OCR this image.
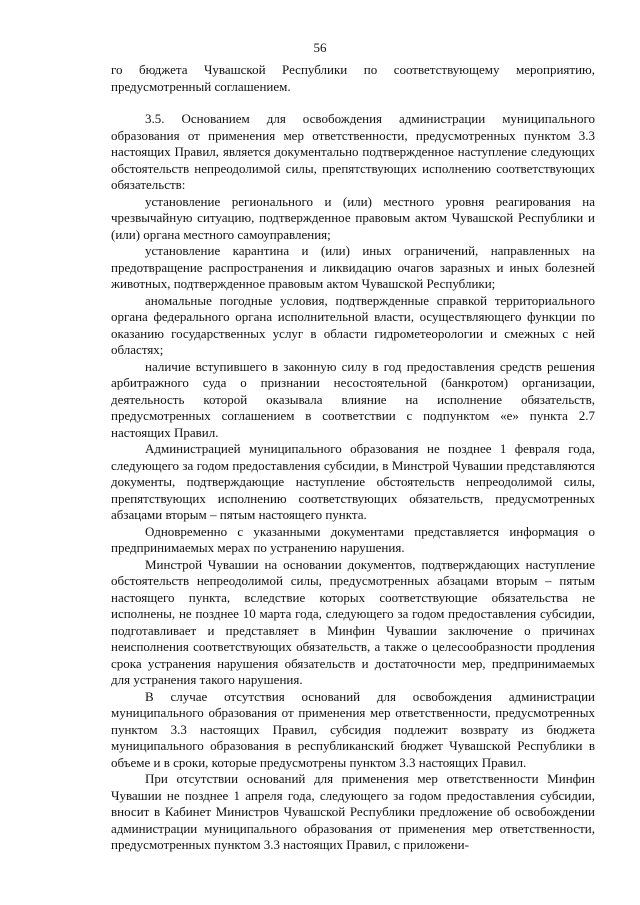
56

го бюджета Чувашской Республики по соответствующему мероприятию, предусмотренный соглашением.

3.5. Основанием для освобождения администрации муниципального образования от применения мер ответственности, предусмотренных пунктом 3.3 настоящих Правил, является документально подтвержденное наступление следующих обстоятельств непреодолимой силы, препятствующих исполнению соответствующих обязательств:

установление регионального и (или) местного уровня реагирования на чрезвычайную ситуацию, подтвержденное правовым актом Чувашской Республики и (или) органа местного самоуправления;

установление карантина и (или) иных ограничений, направленных на предотвращение распространения и ликвидацию очагов заразных и иных болезней животных, подтвержденное правовым актом Чувашской Республики;

аномальные погодные условия, подтвержденные справкой территориального органа федерального органа исполнительной власти, осуществляющего функции по оказанию государственных услуг в области гидрометеорологии и смежных с ней областях;

наличие вступившего в законную силу в год предоставления средств решения арбитражного суда о признании несостоятельной (банкротом) организации, деятельность которой оказывала влияние на исполнение обязательств, предусмотренных соглашением в соответствии с подпунктом «е» пункта 2.7 настоящих Правил.

Администрацией муниципального образования не позднее 1 февраля года, следующего за годом предоставления субсидии, в Минстрой Чувашии представляются документы, подтверждающие наступление обстоятельств непреодолимой силы, препятствующих исполнению соответствующих обязательств, предусмотренных абзацами вторым – пятым настоящего пункта.

Одновременно с указанными документами представляется информация о предпринимаемых мерах по устранению нарушения.

Минстрой Чувашии на основании документов, подтверждающих наступление обстоятельств непреодолимой силы, предусмотренных абзацами вторым – пятым настоящего пункта, вследствие которых соответствующие обязательства не исполнены, не позднее 10 марта года, следующего за годом предоставления субсидии, подготавливает и представляет в Минфин Чувашии заключение о причинах неисполнения соответствующих обязательств, а также о целесообразности продления срока устранения нарушения обязательств и достаточности мер, предпринимаемых для устранения такого нарушения.

В случае отсутствия оснований для освобождения администрации муниципального образования от применения мер ответственности, предусмотренных пунктом 3.3 настоящих Правил, субсидия подлежит возврату из бюджета муниципального образования в республиканский бюджет Чувашской Республики в объеме и в сроки, которые предусмотрены пунктом 3.3 настоящих Правил.

При отсутствии оснований для применения мер ответственности Минфин Чувашии не позднее 1 апреля года, следующего за годом предоставления субсидии, вносит в Кабинет Министров Чувашской Республики предложение об освобождении администрации муниципального образования от применения мер ответственности, предусмотренных пунктом 3.3 настоящих Правил, с приложени-
